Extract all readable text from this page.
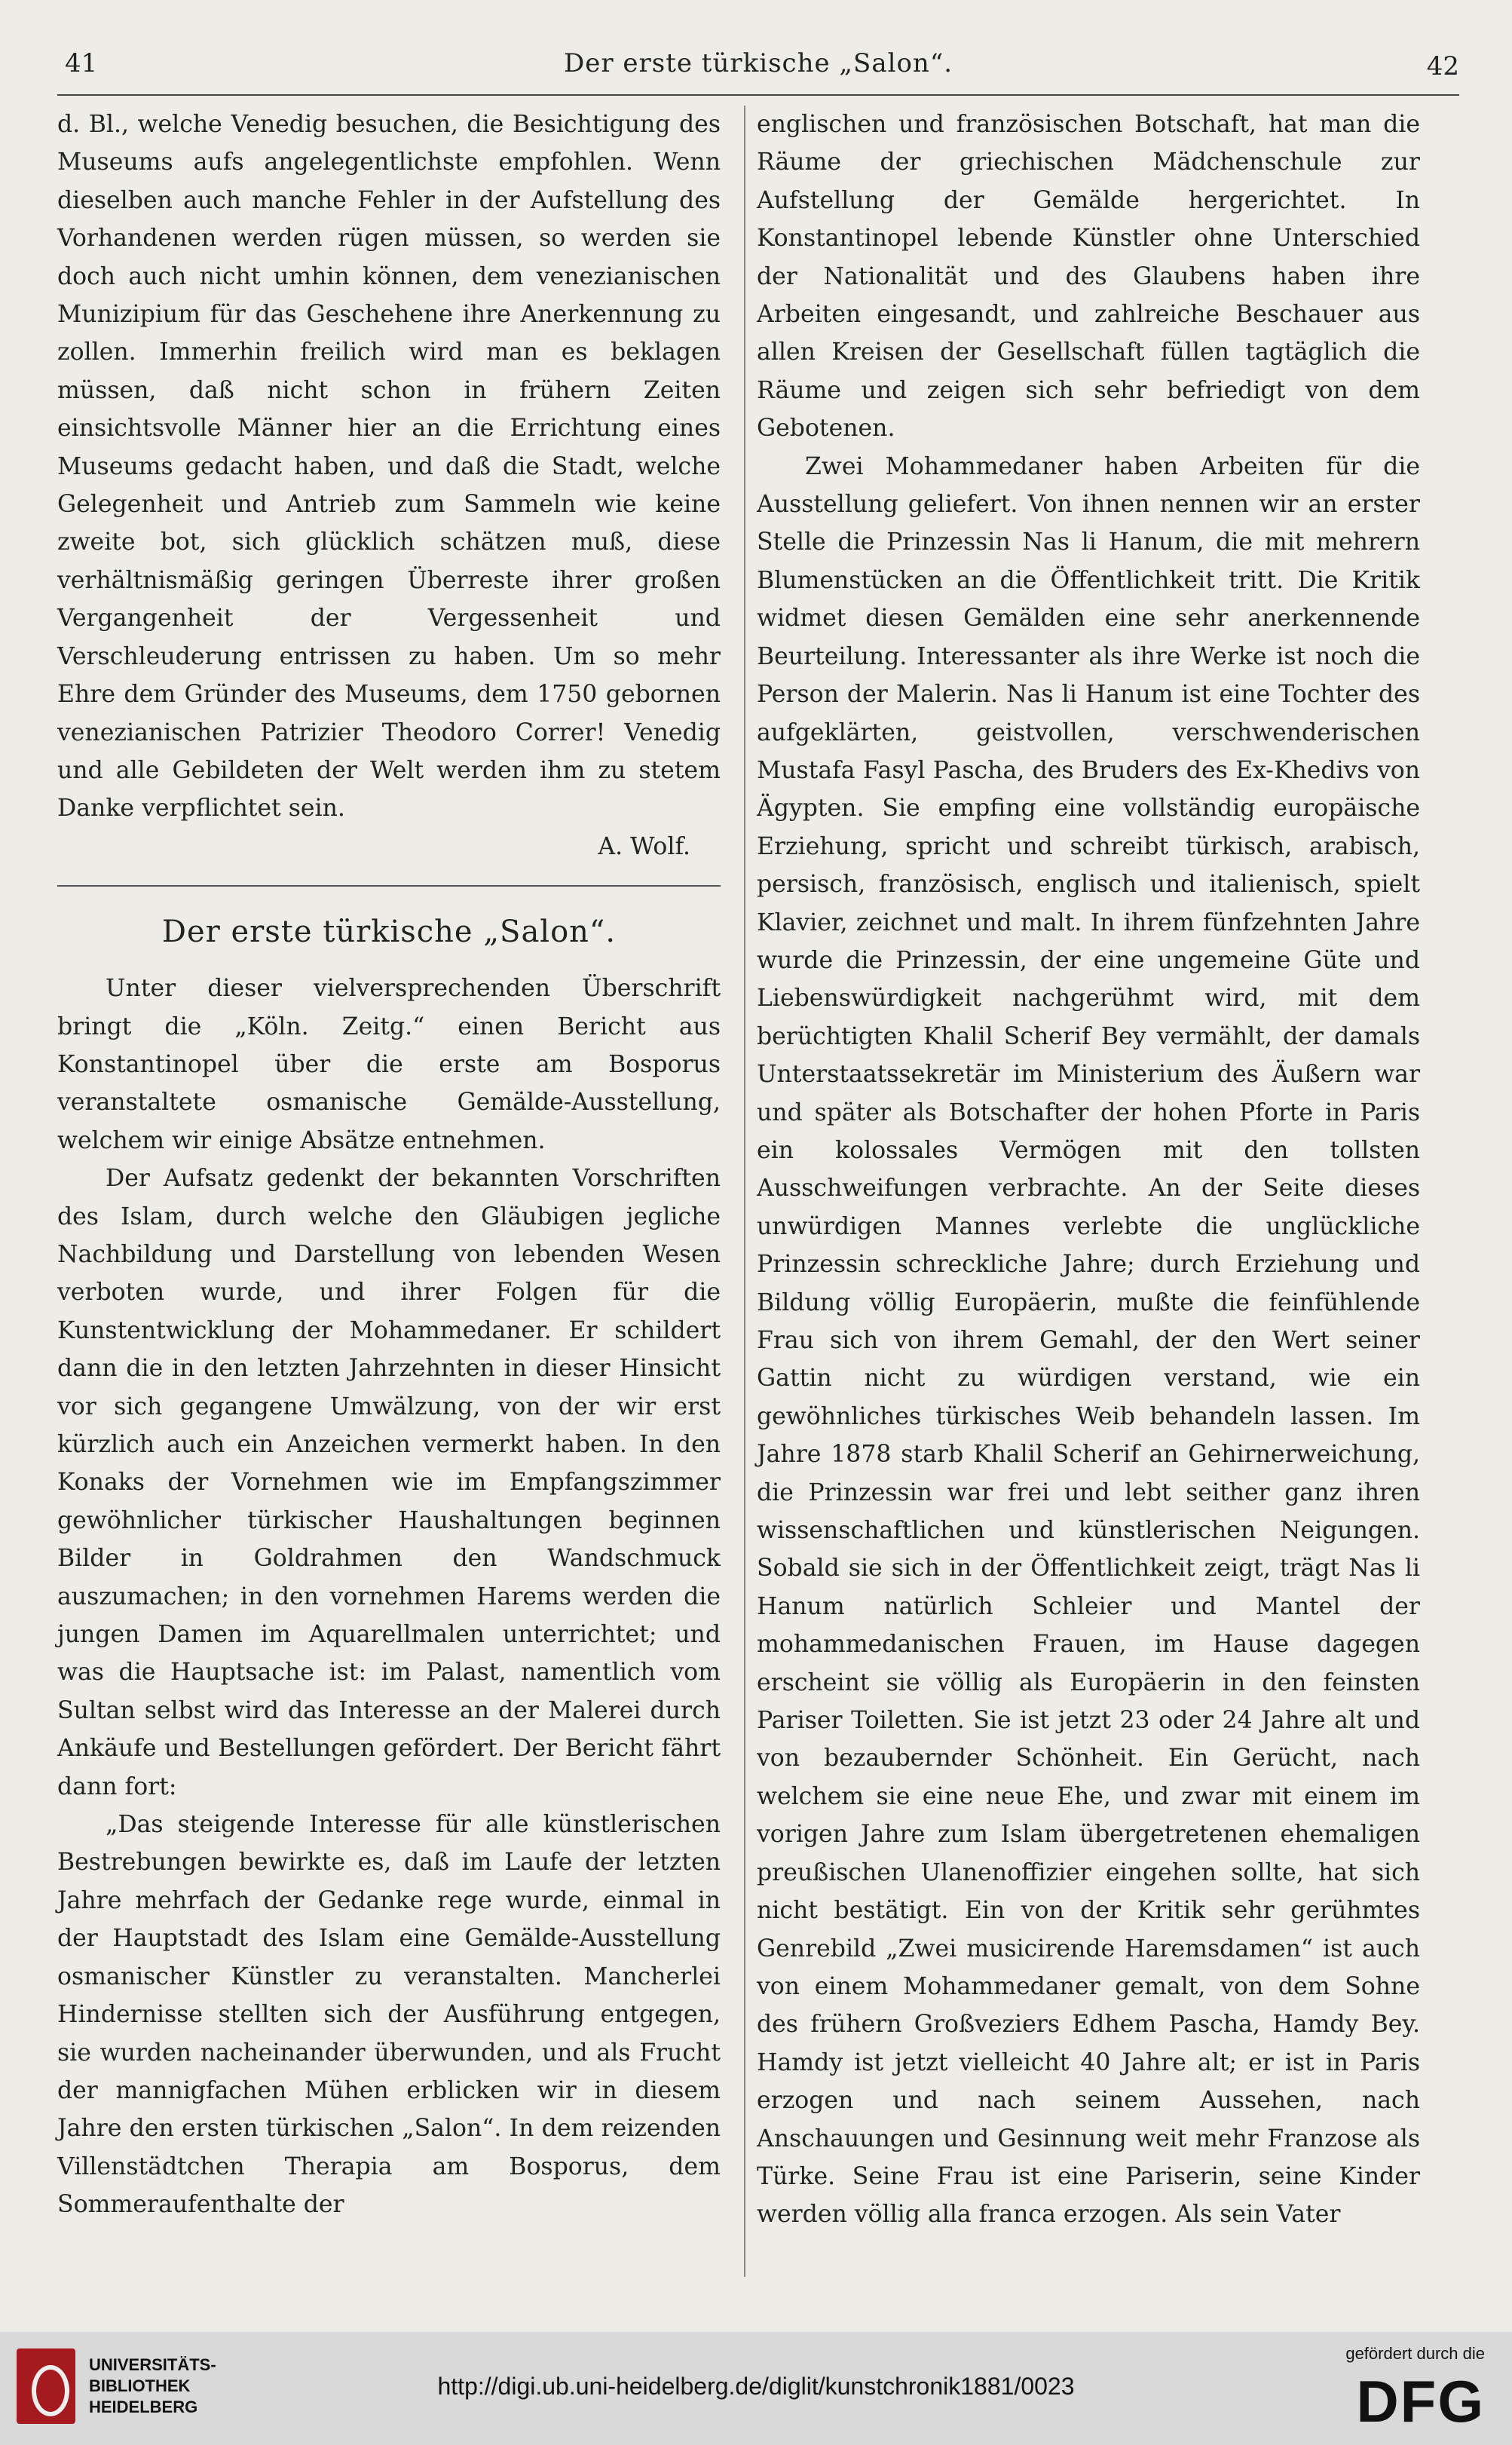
41	Der erste türkische „Salon“.	42

d. Bl., welche Venedig besuchen, die Besichtigung des Museums aufs angelegentlichste empfohlen. Wenn dieselben auch manche Fehler in der Aufstellung des Vorhandenen werden rügen müssen, so werden sie doch auch nicht umhin können, dem venezianischen Munizipium für das Geschehene ihre Anerkennung zu zollen. Immerhin freilich wird man es beklagen müssen, daß nicht schon in frühern Zeiten einsichtsvolle Männer hier an die Errichtung eines Museums gedacht haben, und daß die Stadt, welche Gelegenheit und Antrieb zum Sammeln wie keine zweite bot, sich glücklich schätzen muß, diese verhältnismäßig geringen Überreste ihrer großen Vergangenheit der Vergessenheit und Verschleuderung entrissen zu haben. Um so mehr Ehre dem Gründer des Museums, dem 1750 gebornen venezianischen Patrizier Theodoro Correr! Venedig und alle Gebildeten der Welt werden ihm zu stetem Danke verpflichtet sein.

A. Wolf.
Der erste türkische „Salon“.

Unter dieser vielversprechenden Überschrift bringt die „Köln. Zeitg.“ einen Bericht aus Konstantinopel über die erste am Bosporus veranstaltete osmanische Gemälde-Ausstellung, welchem wir einige Absätze entnehmen.

Der Aufsatz gedenkt der bekannten Vorschriften des Islam, durch welche den Gläubigen jegliche Nachbildung und Darstellung von lebenden Wesen verboten wurde, und ihrer Folgen für die Kunstentwicklung der Mohammedaner. Er schildert dann die in den letzten Jahrzehnten in dieser Hinsicht vor sich gegangene Umwälzung, von der wir erst kürzlich auch ein Anzeichen vermerkt haben. In den Konaks der Vornehmen wie im Empfangszimmer gewöhnlicher türkischer Haushaltungen beginnen Bilder in Goldrahmen den Wandschmuck auszumachen; in den vornehmen Harems werden die jungen Damen im Aquarellmalen unterrichtet; und was die Hauptsache ist: im Palast, namentlich vom Sultan selbst wird das Interesse an der Malerei durch Ankäufe und Bestellungen gefördert. Der Bericht fährt dann fort:

„Das steigende Interesse für alle künstlerischen Bestrebungen bewirkte es, daß im Laufe der letzten Jahre mehrfach der Gedanke rege wurde, einmal in der Hauptstadt des Islam eine Gemälde-Ausstellung osmanischer Künstler zu veranstalten. Mancherlei Hindernisse stellten sich der Ausführung entgegen, sie wurden nacheinander überwunden, und als Frucht der mannigfachen Mühen erblicken wir in diesem Jahre den ersten türkischen „Salon“. In dem reizenden Villenstädtchen Therapia am Bosporus, dem Sommeraufenthalte der

englischen und französischen Botschaft, hat man die Räume der griechischen Mädchenschule zur Aufstellung der Gemälde hergerichtet. In Konstantinopel lebende Künstler ohne Unterschied der Nationalität und des Glaubens haben ihre Arbeiten eingesandt, und zahlreiche Beschauer aus allen Kreisen der Gesellschaft füllen tagtäglich die Räume und zeigen sich sehr befriedigt von dem Gebotenen.

Zwei Mohammedaner haben Arbeiten für die Ausstellung geliefert. Von ihnen nennen wir an erster Stelle die Prinzessin Nas li Hanum, die mit mehrern Blumenstücken an die Öffentlichkeit tritt. Die Kritik widmet diesen Gemälden eine sehr anerkennende Beurteilung. Interessanter als ihre Werke ist noch die Person der Malerin. Nas li Hanum ist eine Tochter des aufgeklärten, geistvollen, verschwenderischen Mustafa Fasyl Pascha, des Bruders des Ex-Khedivs von Ägypten. Sie empfing eine vollständig europäische Erziehung, spricht und schreibt türkisch, arabisch, persisch, französisch, englisch und italienisch, spielt Klavier, zeichnet und malt. In ihrem fünfzehnten Jahre wurde die Prinzessin, der eine ungemeine Güte und Liebenswürdigkeit nachgerühmt wird, mit dem berüchtigten Khalil Scherif Bey vermählt, der damals Unterstaatssekretär im Ministerium des Äußern war und später als Botschafter der hohen Pforte in Paris ein kolossales Vermögen mit den tollsten Ausschweifungen verbrachte. An der Seite dieses unwürdigen Mannes verlebte die unglückliche Prinzessin schreckliche Jahre; durch Erziehung und Bildung völlig Europäerin, mußte die feinfühlende Frau sich von ihrem Gemahl, der den Wert seiner Gattin nicht zu würdigen verstand, wie ein gewöhnliches türkisches Weib behandeln lassen. Im Jahre 1878 starb Khalil Scherif an Gehirnerweichung, die Prinzessin war frei und lebt seither ganz ihren wissenschaftlichen und künstlerischen Neigungen. Sobald sie sich in der Öffentlichkeit zeigt, trägt Nas li Hanum natürlich Schleier und Mantel der mohammedanischen Frauen, im Hause dagegen erscheint sie völlig als Europäerin in den feinsten Pariser Toiletten. Sie ist jetzt 23 oder 24 Jahre alt und von bezaubernder Schönheit. Ein Gerücht, nach welchem sie eine neue Ehe, und zwar mit einem im vorigen Jahre zum Islam übergetretenen ehemaligen preußischen Ulanenoffizier eingehen sollte, hat sich nicht bestätigt. Ein von der Kritik sehr gerühmtes Genrebild „Zwei musicirende Haremsdamen“ ist auch von einem Mohammedaner gemalt, von dem Sohne des frühern Großveziers Edhem Pascha, Hamdy Bey. Hamdy ist jetzt vielleicht 40 Jahre alt; er ist in Paris erzogen und nach seinem Aussehen, nach Anschauungen und Gesinnung weit mehr Franzose als Türke. Seine Frau ist eine Pariserin, seine Kinder werden völlig alla franca erzogen. Als sein Vater

UNIVERSITÄTS-
BIBLIOTHEK
HEIDELBERG
http://digi.ub.uni-heidelberg.de/diglit/kunstchronik1881/0023
gefördert durch die
DFG
